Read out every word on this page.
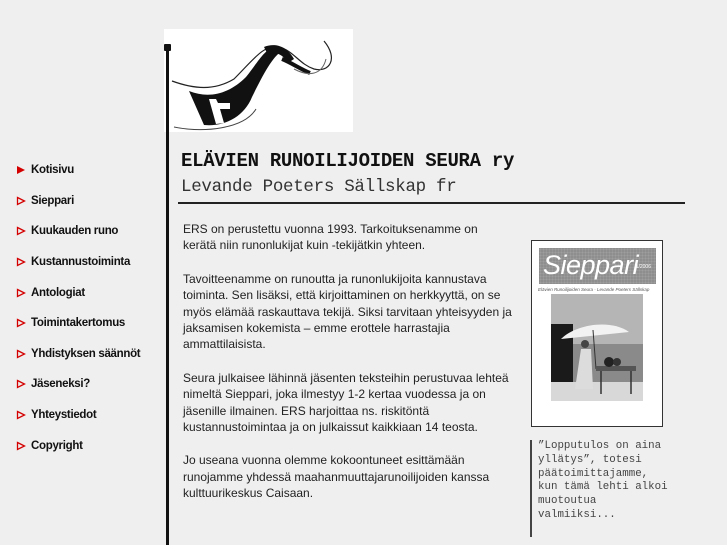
Kotisivu
Sieppari
Kuukauden runo
Kustannustoiminta
Antologiat
Toimintakertomus
Yhdistyksen säännöt
Jäseneksi?
Yhteystiedot
Copyright
ELÄVIEN RUNOILIJOIDEN SEURA ry
Levande Poeters Sällskap fr

ERS on perustettu vuonna 1993. Tarkoituksenamme on kerätä niin runonlukijat kuin -tekijätkin yhteen.

Tavoitteenamme on runoutta ja runonlukijoita kannustava toiminta. Sen lisäksi, että kirjoittaminen on herkkyyttä, on se myös elämää raskauttava tekijä. Siksi tarvitaan yhteisyyden ja jaksamisen kokemista – emme erottele harrastajia ammattilaisista.

Seura julkaisee lähinnä jäsenten teksteihin perustuvaa lehteä nimeltä Sieppari, joka ilmestyy 1-2 kertaa vuodessa ja on jäsenille ilmainen. ERS harjoittaa ns. riskitöntä kustannustoimintaa ja on julkaissut kaikkiaan 14 teosta.

Jo useana vuonna olemme kokoontuneet esittämään runojamme yhdessä maahanmuuttajarunoilijoiden kanssa kulttuurikeskus Caisaan.

Sieppari
1/2006
Elävien Runoilijoiden Seura · Levande Poeters Sällskap
”Lopputulos on aina
yllätys”, totesi
päätoimittajamme,
kun tämä lehti alkoi
muotoutua
valmiiksi...
